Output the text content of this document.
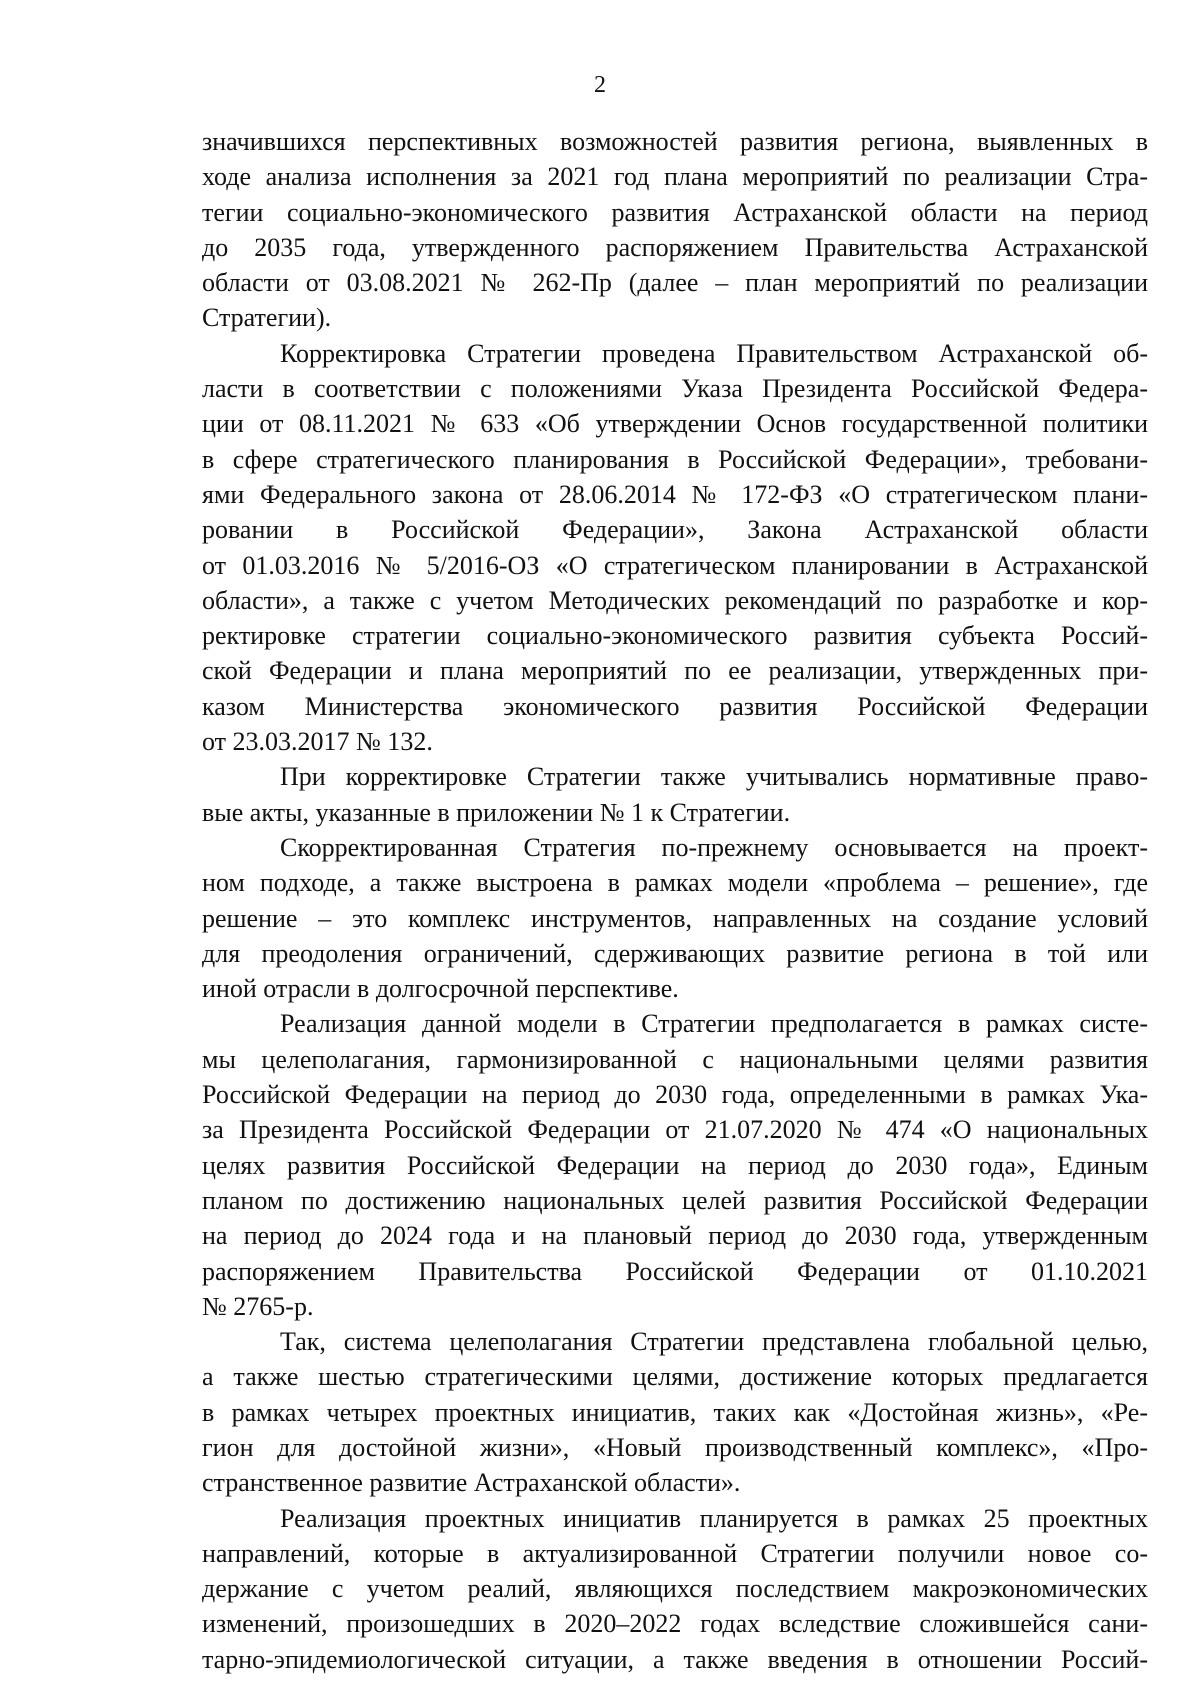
2

значившихся перспективных возможностей развития региона, выявленных в
ходе анализа исполнения за 2021 год плана мероприятий по реализации Стра-
тегии социально-экономического развития Астраханской области на период
до 2035 года, утвержденного распоряжением Правительства Астраханской
области от 03.08.2021 № 262-Пр (далее – план мероприятий по реализации
Стратегии).

Корректировка Стратегии проведена Правительством Астраханской об-
ласти в соответствии с положениями Указа Президента Российской Федера-
ции от 08.11.2021 № 633 «Об утверждении Основ государственной политики
в сфере стратегического планирования в Российской Федерации», требовани-
ями Федерального закона от 28.06.2014 № 172-ФЗ «О стратегическом плани-
ровании в Российской Федерации», Закона Астраханской области
от 01.03.2016 № 5/2016-ОЗ «О стратегическом планировании в Астраханской
области», а также с учетом Методических рекомендаций по разработке и кор-
ректировке стратегии социально-экономического развития субъекта Россий-
ской Федерации и плана мероприятий по ее реализации, утвержденных при-
казом Министерства экономического развития Российской Федерации
от 23.03.2017 № 132.

При корректировке Стратегии также учитывались нормативные право-
вые акты, указанные в приложении № 1 к Стратегии.

Скорректированная Стратегия по-прежнему основывается на проект-
ном подходе, а также выстроена в рамках модели «проблема – решение», где
решение – это комплекс инструментов, направленных на создание условий
для преодоления ограничений, сдерживающих развитие региона в той или
иной отрасли в долгосрочной перспективе.

Реализация данной модели в Стратегии предполагается в рамках систе-
мы целеполагания, гармонизированной с национальными целями развития
Российской Федерации на период до 2030 года, определенными в рамках Ука-
за Президента Российской Федерации от 21.07.2020 № 474 «О национальных
целях развития Российской Федерации на период до 2030 года», Единым
планом по достижению национальных целей развития Российской Федерации
на период до 2024 года и на плановый период до 2030 года, утвержденным
распоряжением Правительства Российской Федерации от 01.10.2021
№ 2765-р.

Так, система целеполагания Стратегии представлена глобальной целью,
а также шестью стратегическими целями, достижение которых предлагается
в рамках четырех проектных инициатив, таких как «Достойная жизнь», «Ре-
гион для достойной жизни», «Новый производственный комплекс», «Про-
странственное развитие Астраханской области».

Реализация проектных инициатив планируется в рамках 25 проектных
направлений, которые в актуализированной Стратегии получили новое со-
держание с учетом реалий, являющихся последствием макроэкономических
изменений, произошедших в 2020–2022 годах вследствие сложившейся сани-
тарно-эпидемиологической ситуации, а также введения в отношении Россий-
